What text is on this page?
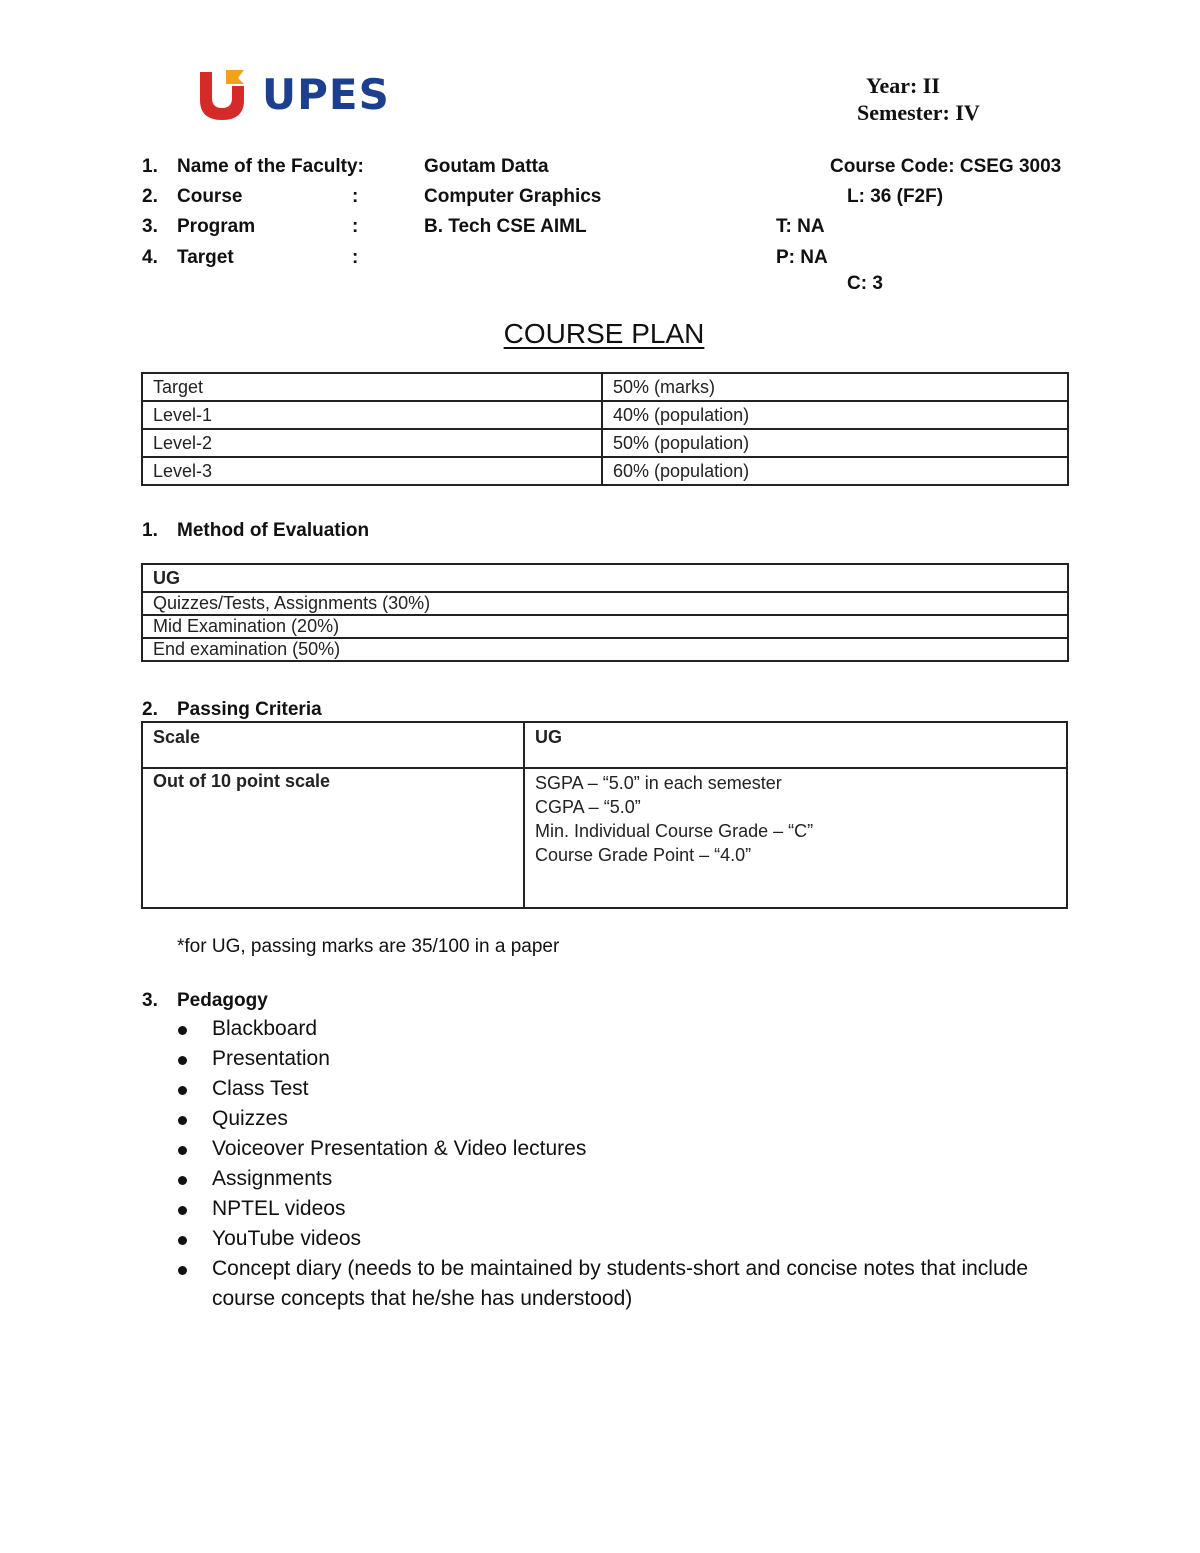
UPES	Year: II
Semester: IV
1. Name of the Faculty:	Goutam Datta	Course Code: CSEG 3003
2. Course	:	Computer Graphics	L: 36 (F2F)
3. Program	:	B. Tech CSE AIML	T: NA
4. Target	:	P: NA
C: 3
COURSE PLAN
Target	50% (marks)
Level-1	40% (population)
Level-2	50% (population)
Level-3	60% (population)
1. Method of Evaluation
UG
Quizzes/Tests, Assignments (30%)
Mid Examination (20%)
End examination (50%)
2. Passing Criteria
Scale	UG
Out of 10 point scale	SGPA – “5.0” in each semester
CGPA – “5.0”
Min. Individual Course Grade – “C”
Course Grade Point – “4.0”
*for UG, passing marks are 35/100 in a paper
3. Pedagogy
Blackboard
Presentation
Class Test
Quizzes
Voiceover Presentation & Video lectures
Assignments
NPTEL videos
YouTube videos
Concept diary (needs to be maintained by students-short and concise notes that include course concepts that he/she has understood)
